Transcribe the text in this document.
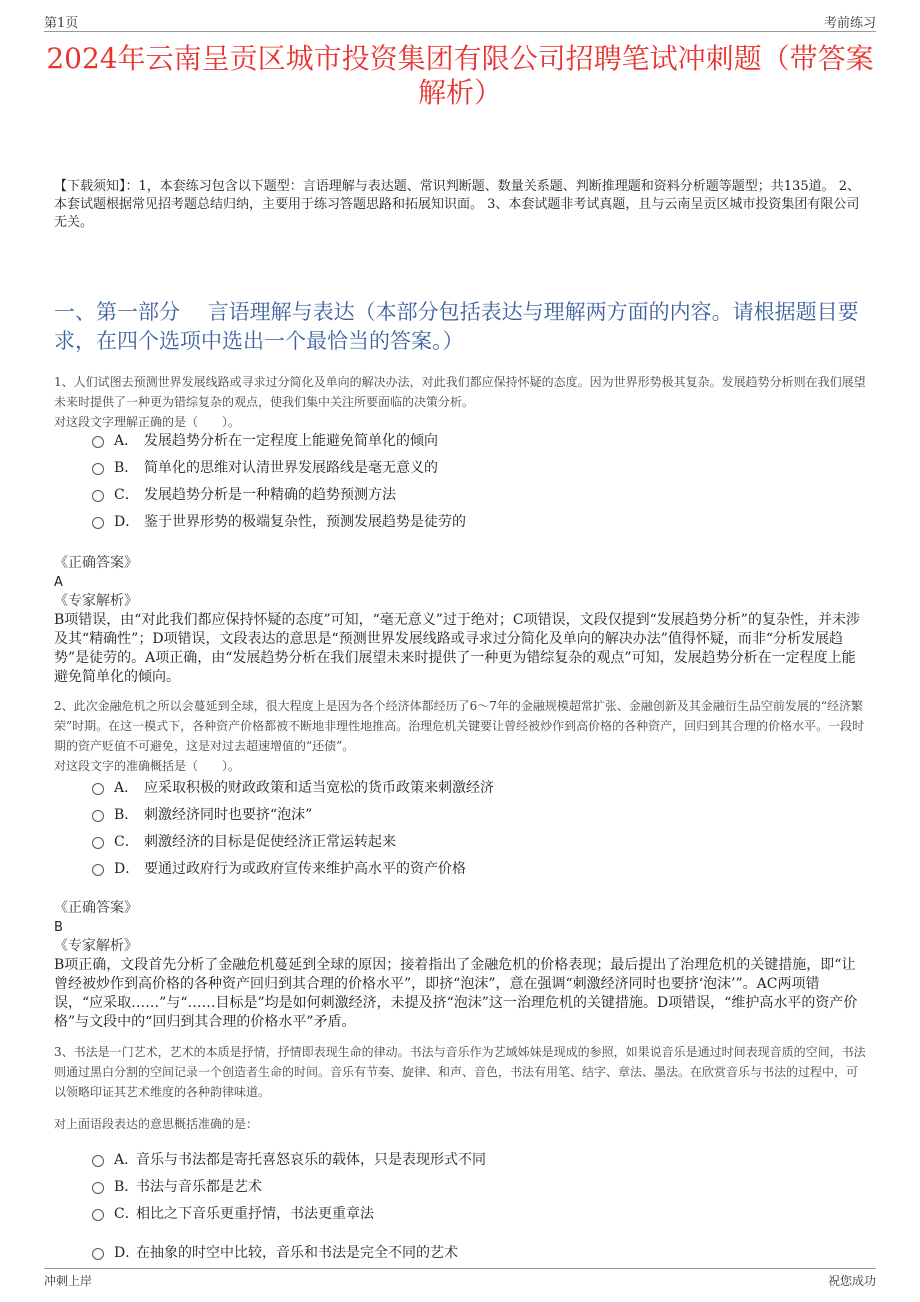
第1页	考前练习
2024年云南呈贡区城市投资集团有限公司招聘笔试冲刺题（带答案解析）
【下载须知】：1，本套练习包含以下题型：言语理解与表达题、常识判断题、数量关系题、判断推理题和资料分析题等题型；共135道。 2、本套试题根据常见招考题总结归纳，主要用于练习答题思路和拓展知识面。 3、本套试题非考试真题，且与云南呈贡区城市投资集团有限公司无关。
一、第一部分　 言语理解与表达（本部分包括表达与理解两方面的内容。请根据题目要求，在四个选项中选出一个最恰当的答案。）
1、人们试图去预测世界发展线路或寻求过分简化及单向的解决办法，对此我们都应保持怀疑的态度。因为世界形势极其复杂。发展趋势分析则在我们展望未来时提供了一种更为错综复杂的观点，使我们集中关注所要面临的决策分析。
对这段文字理解正确的是（　　）。
A． 发展趋势分析在一定程度上能避免简单化的倾向
B． 简单化的思维对认清世界发展路线是毫无意义的
C． 发展趋势分析是一种精确的趋势预测方法
D． 鉴于世界形势的极端复杂性，预测发展趋势是徒劳的
《正确答案》
A
《专家解析》
B项错误，由“对此我们都应保持怀疑的态度”可知，“毫无意义”过于绝对；C项错误，文段仅提到“发展趋势分析”的复杂性，并未涉及其“精确性”；D项错误，文段表达的意思是“预测世界发展线路或寻求过分简化及单向的解决办法”值得怀疑，而非“分析发展趋势”是徒劳的。A项正确，由“发展趋势分析在我们展望未来时提供了一种更为错综复杂的观点”可知，发展趋势分析在一定程度上能避免简单化的倾向。
2、此次金融危机之所以会蔓延到全球，很大程度上是因为各个经济体都经历了6～7年的金融规模超常扩张、金融创新及其金融衍生品空前发展的“经济繁荣”时期。在这一模式下，各种资产价格都被不断地非理性地推高。治理危机关键要让曾经被炒作到高价格的各种资产，回归到其合理的价格水平。一段时期的资产贬值不可避免，这是对过去超速增值的“还债”。
对这段文字的准确概括是（　　）。
A． 应采取积极的财政政策和适当宽松的货币政策来刺激经济
B． 刺激经济同时也要挤“泡沫”
C． 刺激经济的目标是促使经济正常运转起来
D． 要通过政府行为或政府宣传来维护高水平的资产价格
《正确答案》
B
《专家解析》
B项正确，文段首先分析了金融危机蔓延到全球的原因；接着指出了金融危机的价格表现；最后提出了治理危机的关键措施，即“让曾经被炒作到高价格的各种资产回归到其合理的价格水平”，即挤“泡沫”，意在强调“刺激经济同时也要挤‘泡沫’”。AC两项错误，“应采取……”与“……目标是”均是如何刺激经济，未提及挤“泡沫”这一治理危机的关键措施。D项错误，“维护高水平的资产价格”与文段中的“回归到其合理的价格水平”矛盾。
3、书法是一门艺术，艺术的本质是抒情，抒情即表现生命的律动。书法与音乐作为艺域姊妹是现成的参照，如果说音乐是通过时间表现音质的空间，书法则通过黑白分割的空间记录一个创造者生命的时间。音乐有节奏、旋律、和声、音色，书法有用笔、结字、章法、墨法。在欣赏音乐与书法的过程中，可以领略印证其艺术维度的各种韵律味道。
对上面语段表达的意思概括准确的是：
A．
音乐与书法都是寄托喜怒哀乐的载体，只是表现形式不同
B．
书法与音乐都是艺术
C．
相比之下音乐更重抒情，书法更重章法
D．
在抽象的时空中比较，音乐和书法是完全不同的艺术
冲刺上岸	祝您成功
